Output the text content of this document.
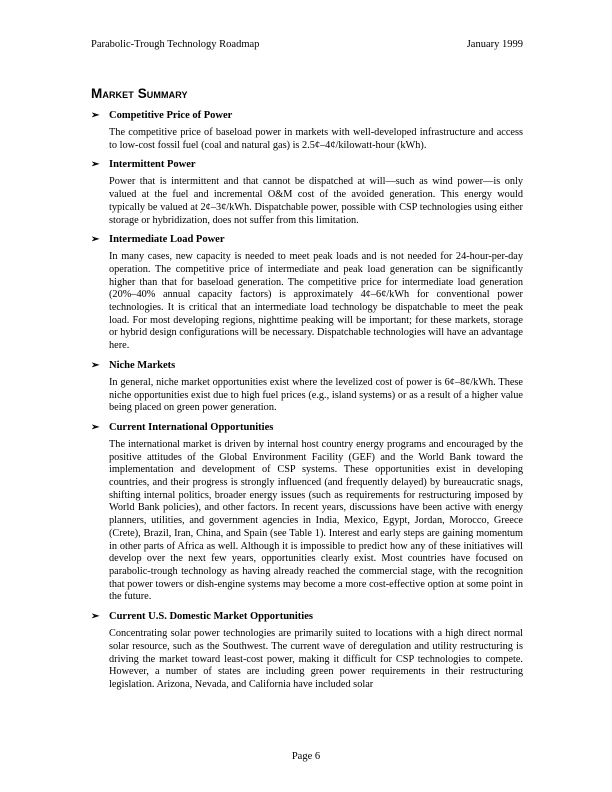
Parabolic-Trough Technology Roadmap	January 1999
Market Summary
➢ Competitive Price of Power

The competitive price of baseload power in markets with well-developed infrastructure and access to low-cost fossil fuel (coal and natural gas) is 2.5¢–4¢/kilowatt-hour (kWh).

➢ Intermittent Power

Power that is intermittent and that cannot be dispatched at will—such as wind power—is only valued at the fuel and incremental O&M cost of the avoided generation. This energy would typically be valued at 2¢–3¢/kWh. Dispatchable power, possible with CSP technologies using either storage or hybridization, does not suffer from this limitation.

➢ Intermediate Load Power

In many cases, new capacity is needed to meet peak loads and is not needed for 24-hour-per-day operation. The competitive price of intermediate and peak load generation can be significantly higher than that for baseload generation. The competitive price for intermediate load generation (20%–40% annual capacity factors) is approximately 4¢–6¢/kWh for conventional power technologies. It is critical that an intermediate load technology be dispatchable to meet the peak load. For most developing regions, nighttime peaking will be important; for these markets, storage or hybrid design configurations will be necessary. Dispatchable technologies will have an advantage here.

➢ Niche Markets

In general, niche market opportunities exist where the levelized cost of power is 6¢–8¢/kWh. These niche opportunities exist due to high fuel prices (e.g., island systems) or as a result of a higher value being placed on green power generation.

➢ Current International Opportunities

The international market is driven by internal host country energy programs and encouraged by the positive attitudes of the Global Environment Facility (GEF) and the World Bank toward the implementation and development of CSP systems. These opportunities exist in developing countries, and their progress is strongly influenced (and frequently delayed) by bureaucratic snags, shifting internal politics, broader energy issues (such as requirements for restructuring imposed by World Bank policies), and other factors. In recent years, discussions have been active with energy planners, utilities, and government agencies in India, Mexico, Egypt, Jordan, Morocco, Greece (Crete), Brazil, Iran, China, and Spain (see Table 1). Interest and early steps are gaining momentum in other parts of Africa as well. Although it is impossible to predict how any of these initiatives will develop over the next few years, opportunities clearly exist. Most countries have focused on parabolic-trough technology as having already reached the commercial stage, with the recognition that power towers or dish-engine systems may become a more cost-effective option at some point in the future.

➢ Current U.S. Domestic Market Opportunities

Concentrating solar power technologies are primarily suited to locations with a high direct normal solar resource, such as the Southwest. The current wave of deregulation and utility restructuring is driving the market toward least-cost power, making it difficult for CSP technologies to compete. However, a number of states are including green power requirements in their restructuring legislation. Arizona, Nevada, and California have included solar

Page 6
